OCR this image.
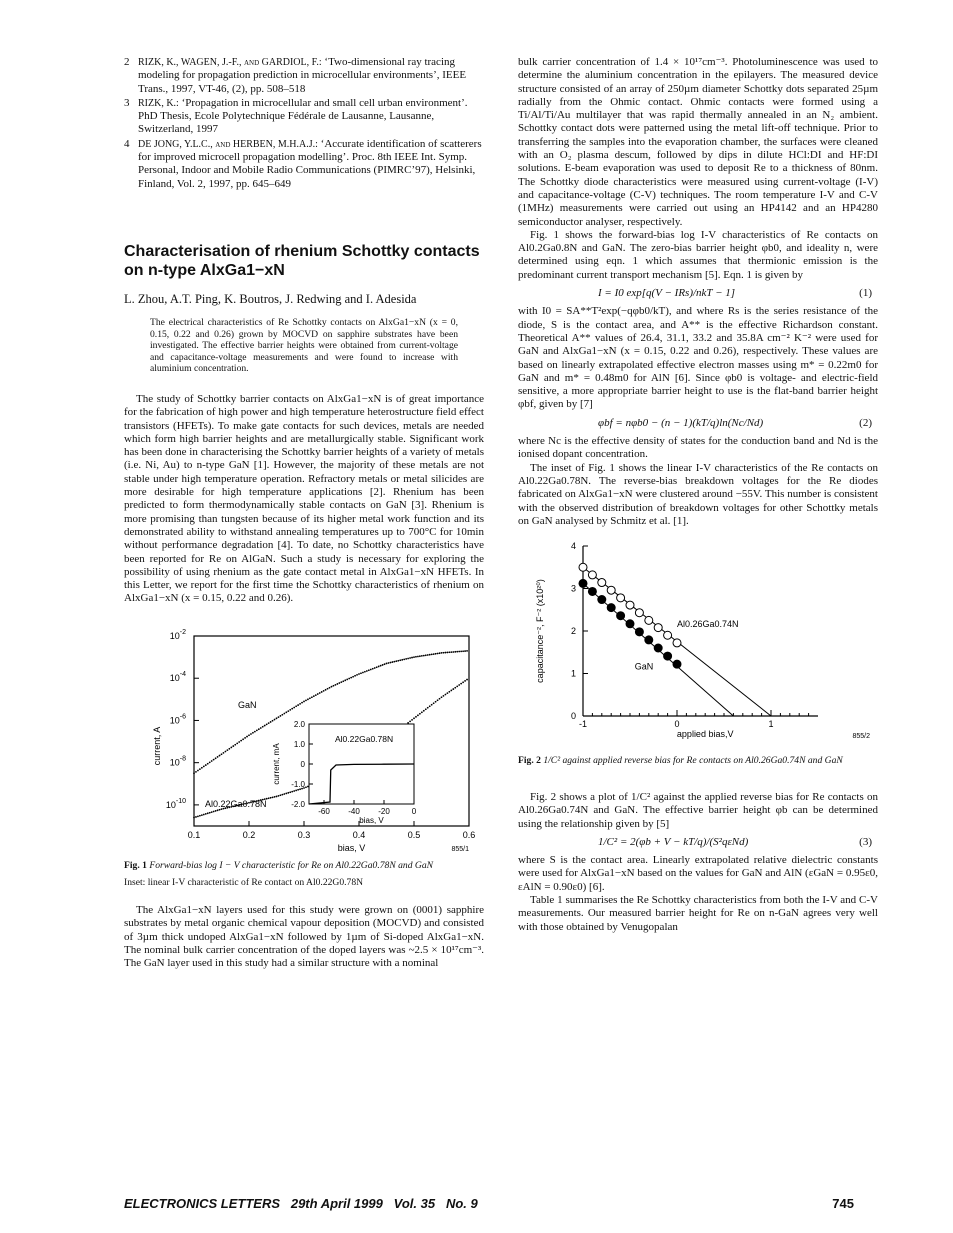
2 RIZK, K., WAGEN, J.-F., and GARDIOL, F.: ‘Two-dimensional ray tracing modeling for propagation prediction in microcellular environments’, IEEE Trans., 1997, VT-46, (2), pp. 508–518
3 RIZK, K.: ‘Propagation in microcellular and small cell urban environment’. PhD Thesis, Ecole Polytechnique Fédérale de Lausanne, Lausanne, Switzerland, 1997
4 DE JONG, Y.L.C., and HERBEN, M.H.A.J.: ‘Accurate identification of scatterers for improved microcell propagation modelling’. Proc. 8th IEEE Int. Symp. Personal, Indoor and Mobile Radio Communications (PIMRC’97), Helsinki, Finland, Vol. 2, 1997, pp. 645–649
Characterisation of rhenium Schottky contacts on n-type AlxGa1−xN

L. Zhou, A.T. Ping, K. Boutros, J. Redwing and I. Adesida

The electrical characteristics of Re Schottky contacts on AlxGa1−xN (x = 0, 0.15, 0.22 and 0.26) grown by MOCVD on sapphire substrates have been investigated. The effective barrier heights were obtained from current-voltage and capacitance-voltage measurements and were found to increase with aluminium concentration.

The study of Schottky barrier contacts on AlxGa1−xN is of great importance for the fabrication of high power and high temperature heterostructure field effect transistors (HFETs). To make gate contacts for such devices, metals are needed which form high barrier heights and are metallurgically stable. Significant work has been done in characterising the Schottky barrier heights of a variety of metals (i.e. Ni, Au) to n-type GaN [1]. However, the majority of these metals are not stable under high temperature operation. Refractory metals or metal silicides are more desirable for high temperature applications [2]. Rhenium has been predicted to form thermodynamically stable contacts on GaN [3]. Rhenium is more promising than tungsten because of its higher metal work function and its demonstrated ability to withstand annealing temperatures up to 700°C for 10min without performance degradation [4]. To date, no Schottky characteristics have been reported for Re on AlGaN. Such a study is necessary for exploring the possibility of using rhenium as the gate contact metal in AlxGa1−xN HFETs. In this Letter, we report for the first time the Schottky characteristics of rhenium on AlxGa1−xN (x = 0.15, 0.22 and 0.26).

0.1	0.2	0.3	0.4	0.5	0.6
$10^{-2}$
$10^{-4}$
$10^{-6}$
$10^{-8}$
$10^{-10}$
bias, V
current, A
855/1
GaN
Al0.22Ga0.78N
2.0
1.0
0
-1.0
-2.0
-60 -40 -20	0
bias, V
current, mA
Al0.22Ga0.78N

Fig. 1 Forward-bias log I − V characteristic for Re on Al0.22Ga0.78N and GaN

Inset: linear I-V characteristic of Re contact on Al0.22G0.78N

The AlxGa1−xN layers used for this study were grown on (0001) sapphire substrates by metal organic chemical vapour deposition (MOCVD) and consisted of 3µm thick undoped AlxGa1−xN followed by 1µm of Si-doped AlxGa1−xN. The nominal bulk carrier concentration of the doped layers was ~2.5 × 10¹⁷cm⁻³. The GaN layer used in this study had a similar structure with a nominal

bulk carrier concentration of 1.4 × 10¹⁷cm⁻³. Photoluminescence was used to determine the aluminium concentration in the epilayers. The measured device structure consisted of an array of 250µm diameter Schottky dots separated 25µm radially from the Ohmic contact. Ohmic contacts were formed using a Ti/Al/Ti/Au multilayer that was rapid thermally annealed in an N₂ ambient. Schottky contact dots were patterned using the metal lift-off technique. Prior to transferring the samples into the evaporation chamber, the surfaces were cleaned with an O₂ plasma descum, followed by dips in dilute HCl:DI and HF:DI solutions. E-beam evaporation was used to deposit Re to a thickness of 80nm. The Schottky diode characteristics were measured using current-voltage (I-V) and capacitance-voltage (C-V) techniques. The room temperature I-V and C-V (1MHz) measurements were carried out using an HP4142 and an HP4280 semiconductor analyser, respectively.

Fig. 1 shows the forward-bias log I-V characteristics of Re contacts on Al0.2Ga0.8N and GaN. The zero-bias barrier height φb0, and ideality n, were determined using eqn. 1 which assumes that thermionic emission is the predominant current transport mechanism [5]. Eqn. 1 is given by

I = I0 exp[q(V − IRs)/nkT − 1]	(1)

with I0 = SA**T²exp(−qφb0/kT), and where Rs is the series resistance of the diode, S is the contact area, and A** is the effective Richardson constant. Theoretical A** values of 26.4, 31.1, 33.2 and 35.8A cm⁻² K⁻² were used for GaN and AlxGa1−xN (x = 0.15, 0.22 and 0.26), respectively. These values are based on linearly extrapolated effective electron masses using m* = 0.22m0 for GaN and m* = 0.48m0 for AlN [6]. Since φb0 is voltage- and electric-field sensitive, a more appropriate barrier height to use is the flat-band barrier height φbf, given by [7]

φbf = nφb0 − (n − 1)(kT/q)ln(Nc/Nd)	(2)

where Nc is the effective density of states for the conduction band and Nd is the ionised dopant concentration.

The inset of Fig. 1 shows the linear I-V characteristics of the Re contacts on Al0.22Ga0.78N. The reverse-bias breakdown voltages for the Re diodes fabricated on AlxGa1−xN were clustered around −55V. This number is consistent with the observed distribution of breakdown voltages for other Schottky metals on GaN analysed by Schmitz et al. [1].

0
1
2
3
4
-1	0	1
applied bias,V
capacitance⁻², F⁻² (x10²⁰)
855/2
Al0.26Ga0.74N
GaN

Fig. 2 1/C² against applied reverse bias for Re contacts on Al0.26Ga0.74N and GaN

Fig. 2 shows a plot of 1/C² against the applied reverse bias for Re contacts on Al0.26Ga0.74N and GaN. The effective barrier height φb can be determined using the relationship given by [5]

1/C² = 2(φb + V − kT/q)/(S²qεNd)	(3)

where S is the contact area. Linearly extrapolated relative dielectric constants were used for AlxGa1−xN based on the values for GaN and AlN (εGaN = 0.95ε0, εAlN = 0.90ε0) [6].

Table 1 summarises the Re Schottky characteristics from both the I-V and C-V measurements. Our measured barrier height for Re on n-GaN agrees very well with those obtained by Venugopalan

ELECTRONICS LETTERS   29th April 1999   Vol. 35   No. 9	745
